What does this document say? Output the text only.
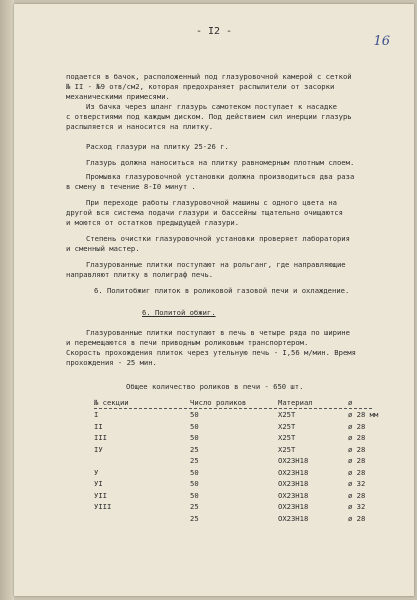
- I2 -
16
подается в бачок, расположенный под глазуровочной камерой с сеткой
№ II - №9 отв/см2, которая предохраняет распылители от засорки
механическими примесями.
Из бачка через шланг глазурь самотеком поступает к насадке
с отверстиями под каждым диском. Под действием сил инерции глазурь
распыляется и наносится на плитку.
Расход глазури на плитку 25-26 г.
Глазурь должна наноситься на плитку равномерным плотным слоем.
Промывка глазуровочной установки должна производиться два раза
в смену в течение 8-I0 минут .
При переходе работы глазуровочной машины с одного цвета на
другой вся система подачи глазури и бассейны тщательно очищаются
и моются от остатков предыдущей глазури.
Степень очистки глазуровочной установки проверяет лаборатория
и сменный мастер.
Глазурованные плитки поступают на рольганг, где направляющие
направляют плитку в полиграф печь.
6. Политобжиг плиток в роликовой газовой печи и охлаждение.
6. Политой обжиг.
Глазурованные плитки поступают в печь в четыре ряда по ширине
и перемещаются в печи приводным роликовым транспортером.
Скорость прохождения плиток через утельную печь - I,56 м/мин. Время
прохождения - 25 мин.
Общее количество роликов в печи - 650 шт.
№ секции	Число роликов	Материал	ø
I	50	Х25Т	ø 28 мм
II	50	Х25Т	ø 28
III	50	Х25Т	ø 28
IУ	25	Х25Т	ø 28
	25	ОХ23Н18	ø 28
У	50	ОХ23Н18	ø 28
УI	50	ОХ23Н18	ø 32
УII	50	ОХ23Н18	ø 28
УIII	25	ОХ23Н18	ø 32
	25	ОХ23Н18	ø 28
